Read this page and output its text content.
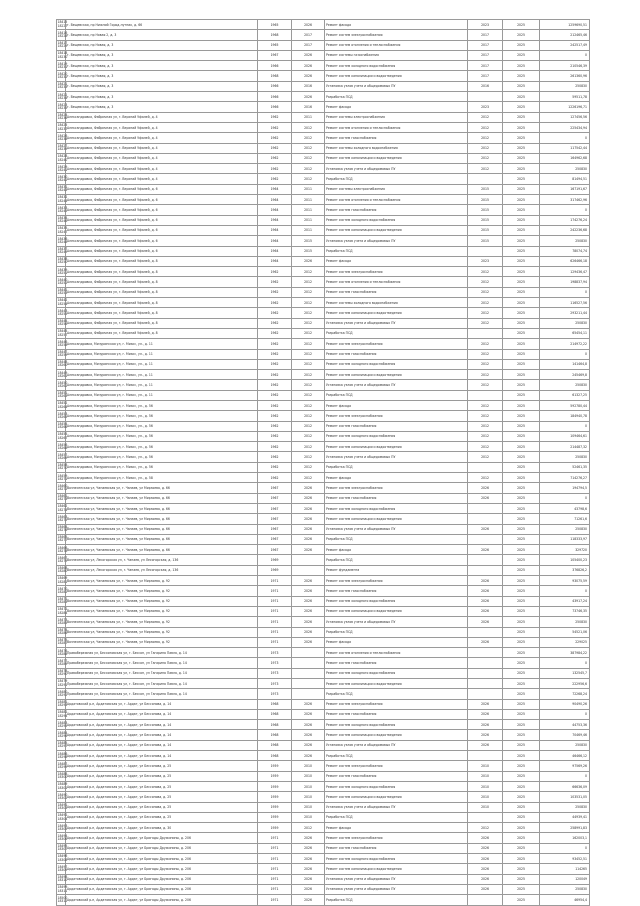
18415 18227	г. Вещевская, пр Нижний Город-путник, д. 66	1965	2026	Ремонт фасада	2023	2025	1259690,51
18416 18228	г. Вещевская, пр Новая 2, д. 3	1968	2017	Ремонт систем электроснабжения	2017	2025	212465,46
18417 18229	г. Вещевская, пр Новая, д. 3	1965	2017	Ремонт систем отопления и теплоснабжения	2017	2025	242517,49
18418 18230	г. Вещевская, пр Новая, д. 3	1967	2026	Ремонт системы газоснабжения	2017	2025	0
18419 18231	г. Вещевская, пр Новая, д. 3	1966	2026	Ремонт систем холодного водоснабжения	2017	2025	210546,39
18420 18232	г. Вещевская, пр Новая, д. 3	1968	2026	Ремонт систем канализации и водоотведения	2017	2025	261360,96
18421 18233	г. Вещевская, пр Новая, д. 3	1966	2016	Установка узлов учета и общедомовых ПУ	2016	2025	250830
18422 18234	г. Вещевская, пр Новая, д. 3	1966	2026	Разработка ПСД		2025	59511,78
18423 18235	г. Вещевская, пр Новая, д. 3	1966	2016	Ремонт фасада	2023	2025	1226196,71
18424 18236	Александровка, Фабричная ул, г. Верхний Уфалей, д. 4	1962	2011	Ремонт системы электроснабжения	2012	2025	127456,56
18425 18237	Александровка, Фабричная ул, г. Верхний Уфалей, д. 4	1962	2012	Ремонт систем отопления и теплоснабжения	2012	2025	225434,94
18426 18238	Александровка, Фабричная ул, г. Верхний Уфалей, д. 4	1962	2012	Ремонт систем газоснабжения	2012	2025	0
18427 18239	Александровка, Фабричная ул, г. Верхний Уфалей, д. 4	1962	2012	Ремонт системы холодного водоснабжения	2012	2025	117542,44
18428 18240	Александровка, Фабричная ул, г. Верхний Уфалей, д. 4	1962	2012	Ремонт систем канализации и водоотведения	2012	2025	164962,68
18429 18241	Александровка, Фабричная ул, г. Верхний Уфалей, д. 4	1962	2012	Установка узлов учета и общедомовых ПУ	2012	2025	250830
18430 18242	Александровка, Фабричная ул, г. Верхний Уфалей, д. 4	1962	2012	Разработка ПСД		2025	81494,51
18431 18243	Александровка, Фабричная ул, г. Верхний Уфалей, д. 6	1964	2011	Ремонт системы электроснабжения	2015	2025	167191,67
18432 18244	Александровка, Фабричная ул, г. Верхний Уфалей, д. 6	1964	2011	Ремонт систем отопления и теплоснабжения	2015	2025	317462,96
18433 18245	Александровка, Фабричная ул, г. Верхний Уфалей, д. 6	1964	2011	Ремонт систем газоснабжения	2015	2025	0
18434 18246	Александровка, Фабричная ул, г. Верхний Уфалей, д. 6	1964	2011	Ремонт систем холодного водоснабжения	2015	2025	174276,24
18435 18247	Александровка, Фабричная ул, г. Верхний Уфалей, д. 6	1964	2011	Ремонт систем канализации и водоотведения	2015	2025	242236,68
18436 18248	Александровка, Фабричная ул, г. Верхний Уфалей, д. 6	1964	2015	Установка узлов учета и общедомовых ПУ	2015	2025	250830
18437 18249	Александровка, Фабричная ул, г. Верхний Уфалей, д. 6	1964	2015	Разработка ПСД		2025	78074,74
18438 18250	Александровка, Фабричная ул, г. Верхний Уфалей, д. 8	1964	2026	Ремонт фасада	2023	2025	626466,18
18439 18251	Александровка, Фабричная ул, г. Верхний Уфалей, д. 8	1962	2012	Ремонт систем электроснабжения	2012	2025	129436,47
18440 18252	Александровка, Фабричная ул, г. Верхний Уфалей, д. 8	1962	2012	Ремонт систем отопления и теплоснабжения	2012	2025	198837,94
18441 18253	Александровка, Фабричная ул, г. Верхний Уфалей, д. 8	1962	2012	Ремонт систем газоснабжения	2012	2025	0
18442 18254	Александровка, Фабричная ул, г. Верхний Уфалей, д. 8	1962	2012	Ремонт системы холодного водоснабжения	2012	2025	116527,56
18443 18255	Александровка, Фабричная ул, г. Верхний Уфалей, д. 8	1962	2012	Ремонт систем канализации и водоотведения	2012	2025	293211,44
18444 18256	Александровка, Фабричная ул, г. Верхний Уфалей, д. 8	1962	2012	Установка узлов учета и общедомовых ПУ	2012	2025	250830
18445 18257	Александровка, Фабричная ул, г. Верхний Уфалей, д. 8	1962	2012	Разработка ПСД		2025	65454,11
18446 18258	Александровка, Мичуринская ул, г. Миасс, ул., д. 11	1962	2012	Ремонт систем электроснабжения	2012	2025	214972,22
18447 18259	Александровка, Мичуринская ул, г. Миасс, ул., д. 11	1962	2012	Ремонт систем газоснабжения	2012	2025	0
18448 18260	Александровка, Мичуринская ул, г. Миасс, ул., д. 11	1962	2012	Ремонт систем холодного водоснабжения	2012	2025	141464,8
18449 18261	Александровка, Мичуринская ул, г. Миасс, ул., д. 11	1962	2012	Ремонт систем канализации и водоотведения	2012	2025	245469,8
18450 18262	Александровка, Мичуринская ул, г. Миасс, ул., д. 11	1962	2012	Установка узлов учета и общедомовых ПУ	2012	2025	250830
18451 18263	Александровка, Мичуринская ул, г. Миасс, ул., д. 11	1962	2012	Разработка ПСД		2025	61327,25
18452 18264	Александровка, Мичуринская ул, г. Миасс, ул., д. 56	1962	2012	Ремонт фасада	2012	2025	592780,44
18453 18265	Александровка, Мичуринская ул, г. Миасс, ул., д. 56	1962	2012	Ремонт систем электроснабжения	2012	2025	184940,78
18454 18266	Александровка, Мичуринская ул, г. Миасс, ул., д. 56	1962	2012	Ремонт систем газоснабжения	2012	2025	0
18455 18267	Александровка, Мичуринская ул, г. Миасс, ул., д. 56	1962	2012	Ремонт систем холодного водоснабжения	2012	2025	109464,61
18456 18268	Александровка, Мичуринская ул, г. Миасс, ул., д. 56	1962	2012	Ремонт систем канализации и водоотведения	2012	2025	214487,32
18457 18269	Александровка, Мичуринская ул, г. Миасс, ул., д. 56	1962	2012	Установка узлов учета и общедомовых ПУ	2012	2025	250830
18458 18270	Александровка, Мичуринская ул, г. Миасс, ул., д. 56	1962	2012	Разработка ПСД		2025	52461,35
18459 18271	Александровка, Мичуринская ул, г. Миасс, ул., д. 58	1962	2012	Ремонт фасада	2012	2025	714276,27
18460 18272	Вознесенская ул, Чапаевская ул, г. Чапаев, ул Мирзоева, д. 66	1967	2026	Ремонт систем электроснабжения	2026	2025	194794,5
18461 18273	Вознесенская ул, Чапаевская ул, г. Чапаев, ул Мирзоева, д. 66	1967	2026	Ремонт систем газоснабжения	2026	2025	0
18462 18274	Вознесенская ул, Чапаевская ул, г. Чапаев, ул Мирзоева, д. 66	1967	2026	Ремонт систем холодного водоснабжения		2025	43798,6
18463 18275	Вознесенская ул, Чапаевская ул, г. Чапаев, ул Мирзоева, д. 66	1967	2026	Ремонт систем канализации и водоотведения		2025	71261,6
18464 18276	Вознесенская ул, Чапаевская ул, г. Чапаев, ул Мирзоева, д. 66	1967	2026	Установка узлов учета и общедомовых ПУ	2026	2025	250830
18465 18277	Вознесенская ул, Чапаевская ул, г. Чапаев, ул Мирзоева, д. 66	1967	2026	Разработка ПСД		2025	118333,97
18466 18278	Вознесенская ул, Чапаевская ул, г. Чапаев, ул Мирзоева, д. 66	1967	2026	Ремонт фасада	2026	2025	329720
18467 18279	Вознесенская ул, Лесогорская ул, г. Чапаев, ул Лесогорская, д. 136	1969		Разработка ПСД		2025	105400,23
18468 18280	Вознесенская ул, Лесогорская ул, г. Чапаев, ул Лесогорская, д. 136	1969		Ремонт фундамента		2025	376826,2
18469 18281	Вознесенская ул, Чапаевская ул, г. Чапаев, ул Мирзоева, д. 92	1971	2026	Ремонт систем электроснабжения	2026	2025	93075,59
18470 18282	Вознесенская ул, Чапаевская ул, г. Чапаев, ул Мирзоева, д. 92	1971	2026	Ремонт систем газоснабжения	2026	2025	0
18471 18283	Вознесенская ул, Чапаевская ул, г. Чапаев, ул Мирзоева, д. 92	1971	2026	Ремонт систем холодного водоснабжения	2026	2025	43917,24
18472 18284	Вознесенская ул, Чапаевская ул, г. Чапаев, ул Мирзоева, д. 92	1971	2026	Ремонт систем канализации и водоотведения	2026	2025	73746,35
18473 18285	Вознесенская ул, Чапаевская ул, г. Чапаев, ул Мирзоева, д. 92	1971	2026	Установка узлов учета и общедомовых ПУ	2026	2025	250830
18474 18286	Вознесенская ул, Чапаевская ул, г. Чапаев, ул Мирзоева, д. 92	1971	2026	Разработка ПСД		2025	54521,06
18475 18287	Вознесенская ул, Чапаевская ул, г. Чапаев, ул Мирзоева, д. 92	1971	2026	Ремонт фасада	2026	2025	229025
18476 18288	Правобережная ул, Бессоновская ул, г. Бессон, ул Гагарина Павла, д. 14	1973		Ремонт систем отопления и теплоснабжения		2025	387984,22
18477 18289	Правобережная ул, Бессоновская ул, г. Бессон, ул Гагарина Павла, д. 14	1973		Ремонт систем газоснабжения		2025	0
18478 18290	Правобережная ул, Бессоновская ул, г. Бессон, ул Гагарина Павла, д. 14	1973		Ремонт систем холодного водоснабжения		2025	132545,7
18479 18291	Правобережная ул, Бессоновская ул, г. Бессон, ул Гагарина Павла, д. 14	1973		Ремонт систем канализации и водоотведения		2025	222956,6
18480 18292	Правобережная ул, Бессоновская ул, г. Бессон, ул Гагарина Павла, д. 14	1973		Разработка ПСД		2025	72268,24
18481 18293	Ардатовский р-н, Ардатовская ул, г. Ардат, ул Бессонова, д. 14	1968	2026	Ремонт систем электроснабжения	2026	2025	90490,26
18482 18294	Ардатовский р-н, Ардатовская ул, г. Ардат, ул Бессонова, д. 14	1968	2026	Ремонт систем газоснабжения	2026	2025	0
18483 18295	Ардатовский р-н, Ардатовская ул, г. Ардат, ул Бессонова, д. 14	1968	2026	Ремонт систем холодного водоснабжения	2026	2025	44753,36
18484 18296	Ардатовский р-н, Ардатовская ул, г. Ардат, ул Бессонова, д. 14	1968	2026	Ремонт систем канализации и водоотведения	2026	2025	70469,46
18485 18297	Ардатовский р-н, Ардатовская ул, г. Ардат, ул Бессонова, д. 14	1968	2026	Установка узлов учета и общедомовых ПУ	2026	2025	250830
18486 18298	Ардатовский р-н, Ардатовская ул, г. Ардат, ул Бессонова, д. 14	1968	2026	Разработка ПСД		2025	46466,12
18487 18299	Ардатовский р-н, Ардатовская ул, г. Ардат, ул Бессонова, д. 25	1959	2010	Ремонт систем электроснабжения	2010	2025	97569,26
18488 18300	Ардатовский р-н, Ардатовская ул, г. Ардат, ул Бессонова, д. 25	1959	2010	Ремонт систем газоснабжения	2010	2025	0
18489 18301	Ардатовский р-н, Ардатовская ул, г. Ардат, ул Бессонова, д. 25	1959	2010	Ремонт систем холодного водоснабжения	2010	2025	66636,09
18490 18302	Ардатовский р-н, Ардатовская ул, г. Ардат, ул Бессонова, д. 25	1959	2010	Ремонт систем канализации и водоотведения	2010	2025	103531,05
18491 18303	Ардатовский р-н, Ардатовская ул, г. Ардат, ул Бессонова, д. 25	1959	2010	Установка узлов учета и общедомовых ПУ	2010	2025	250830
18492 18304	Ардатовский р-н, Ардатовская ул, г. Ардат, ул Бессонова, д. 25	1959	2010	Разработка ПСД		2025	44939,41
18493 18305	Ардатовский р-н, Ардатовская ул, г. Ардат, ул Бессонова, д. 30	1959	2012	Ремонт фасада	2012	2025	258991,83
18494 18306	Ардатовский р-н, Ардатовская ул, г. Ардат, ул Бригады Дружинины, д. 206	1971	2026	Ремонт систем электроснабжения	2026	2025	162003,1
18495 18307	Ардатовский р-н, Ардатовская ул, г. Ардат, ул Бригады Дружинины, д. 206	1971	2026	Ремонт систем газоснабжения	2026	2025	0
18496 18308	Ардатовский р-н, Ардатовская ул, г. Ардат, ул Бригады Дружинины, д. 206	1971	2026	Ремонт систем холодного водоснабжения	2026	2025	93452,51
18497 18309	Ардатовский р-н, Ардатовская ул, г. Ардат, ул Бригады Дружинины, д. 206	1971	2026	Ремонт систем канализации и водоотведения	2026	2025	114265
18498 18310	Ардатовский р-н, Ардатовская ул, г. Ардат, ул Бригады Дружинины, д. 206	1971	2026	Установка узлов учета и общедомовых ПУ	2026	2025	120049
18499 18311	Ардатовский р-н, Ардатовская ул, г. Ардат, ул Бригады Дружинины, д. 206	1971	2026	Установка узлов учета и общедомовых ПУ	2026	2025	250830
18500 18312	Ардатовский р-н, Ардатовская ул, г. Ардат, ул Бригады Дружинины, д. 206	1971	2026	Разработка ПСД		2025	46954,4
